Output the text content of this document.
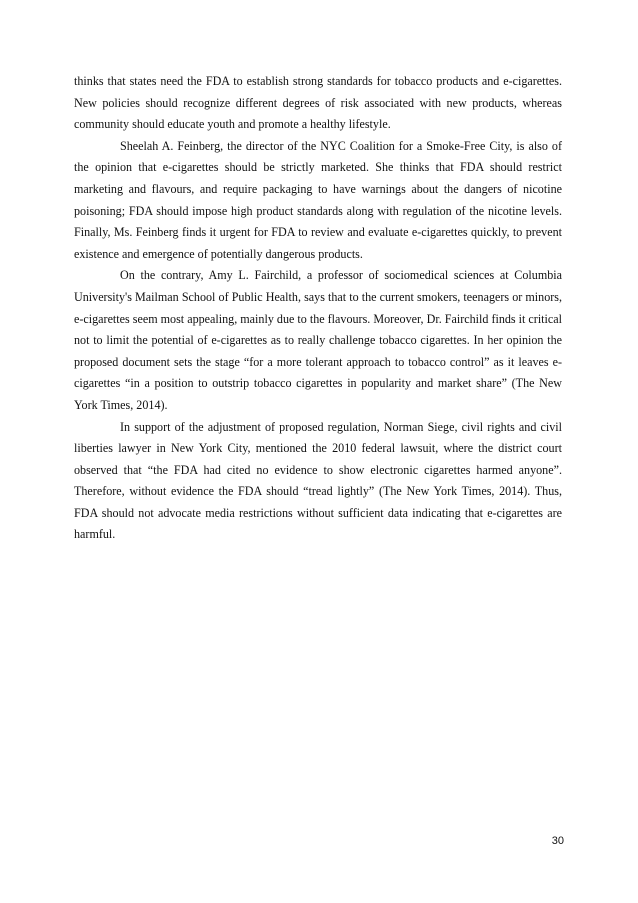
thinks that states need the FDA to establish strong standards for tobacco products and e-cigarettes. New policies should recognize different degrees of risk associated with new products, whereas community should educate youth and promote a healthy lifestyle.

Sheelah A. Feinberg, the director of the NYC Coalition for a Smoke-Free City, is also of the opinion that e-cigarettes should be strictly marketed. She thinks that FDA should restrict marketing and flavours, and require packaging to have warnings about the dangers of nicotine poisoning; FDA should impose high product standards along with regulation of the nicotine levels. Finally, Ms. Feinberg finds it urgent for FDA to review and evaluate e-cigarettes quickly, to prevent existence and emergence of potentially dangerous products.

On the contrary, Amy L. Fairchild, a professor of sociomedical sciences at Columbia University's Mailman School of Public Health, says that to the current smokers, teenagers or minors, e-cigarettes seem most appealing, mainly due to the flavours. Moreover, Dr. Fairchild finds it critical not to limit the potential of e-cigarettes as to really challenge tobacco cigarettes. In her opinion the proposed document sets the stage “for a more tolerant approach to tobacco control” as it leaves e-cigarettes “in a position to outstrip tobacco cigarettes in popularity and market share” (The New York Times, 2014).

In support of the adjustment of proposed regulation, Norman Siege, civil rights and civil liberties lawyer in New York City, mentioned the 2010 federal lawsuit, where the district court observed that “the FDA had cited no evidence to show electronic cigarettes harmed anyone”. Therefore, without evidence the FDA should “tread lightly” (The New York Times, 2014). Thus, FDA should not advocate media restrictions without sufficient data indicating that e-cigarettes are harmful.

30
